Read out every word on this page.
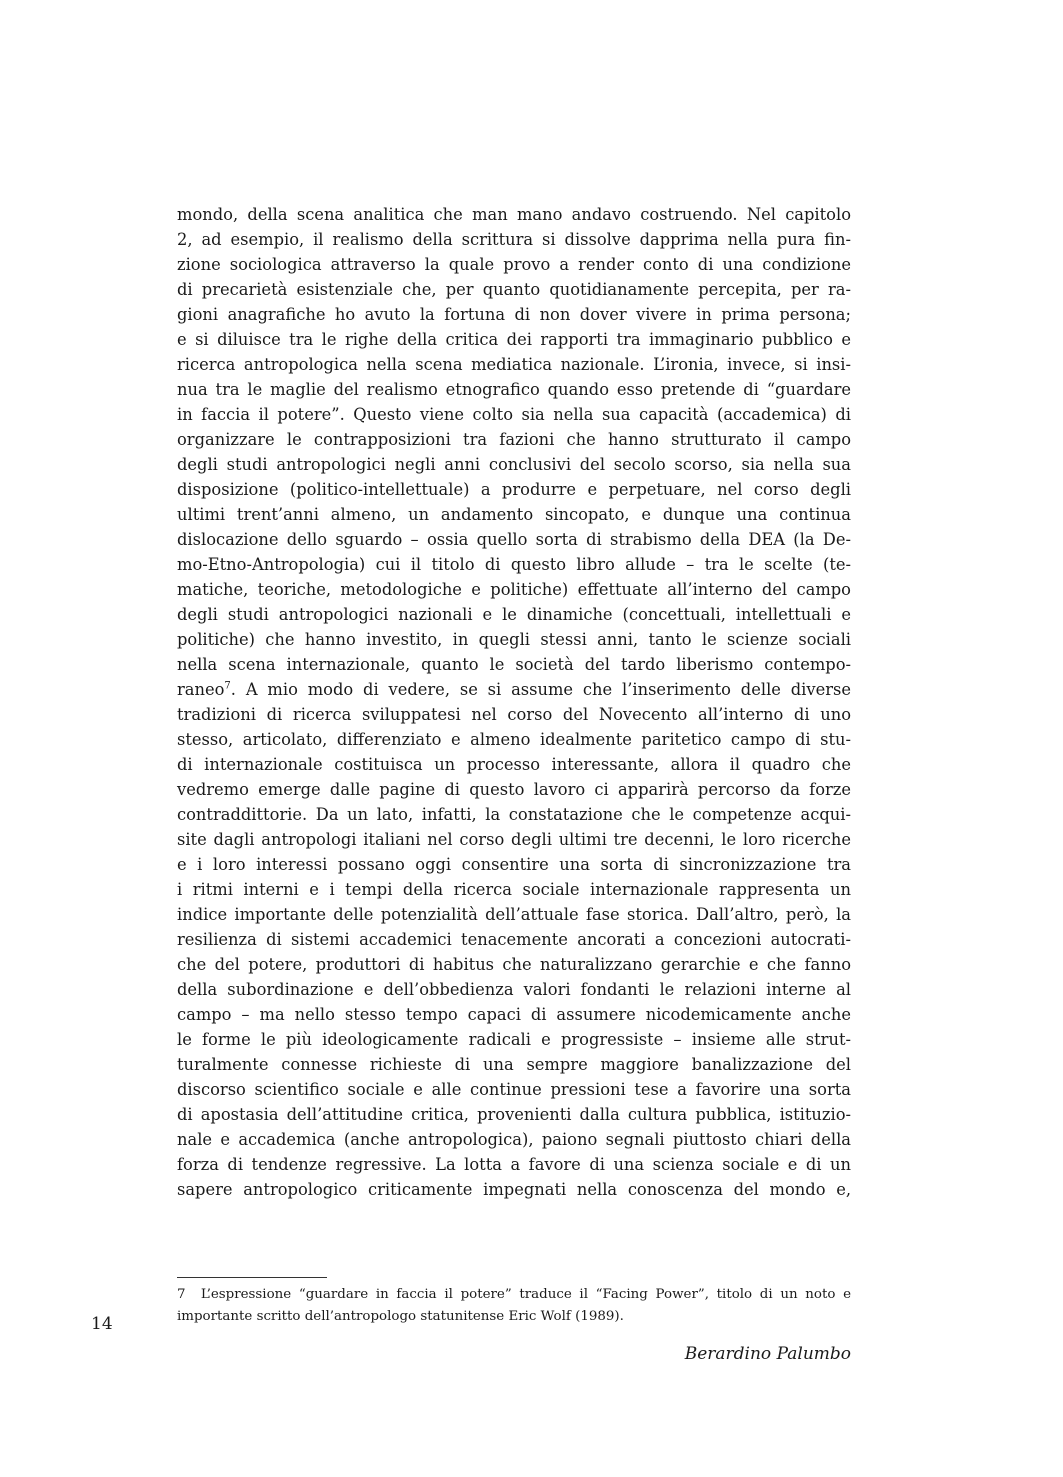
mondo, della scena analitica che man mano andavo costruendo. Nel capitolo
2, ad esempio, il realismo della scrittura si dissolve dapprima nella pura fin-
zione sociologica attraverso la quale provo a render conto di una condizione
di precarietà esistenziale che, per quanto quotidianamente percepita, per ra-
gioni anagrafiche ho avuto la fortuna di non dover vivere in prima persona;
e si diluisce tra le righe della critica dei rapporti tra immaginario pubblico e
ricerca antropologica nella scena mediatica nazionale. L’ironia, invece, si insi-
nua tra le maglie del realismo etnografico quando esso pretende di “guardare
in faccia il potere”. Questo viene colto sia nella sua capacità (accademica) di
organizzare le contrapposizioni tra fazioni che hanno strutturato il campo
degli studi antropologici negli anni conclusivi del secolo scorso, sia nella sua
disposizione (politico-intellettuale) a produrre e perpetuare, nel corso degli
ultimi trent’anni almeno, un andamento sincopato, e dunque una continua
dislocazione dello sguardo – ossia quello sorta di strabismo della DEA (la De-
mo-Etno-Antropologia) cui il titolo di questo libro allude – tra le scelte (te-
matiche, teoriche, metodologiche e politiche) effettuate all’interno del campo
degli studi antropologici nazionali e le dinamiche (concettuali, intellettuali e
politiche) che hanno investito, in quegli stessi anni, tanto le scienze sociali
nella scena internazionale, quanto le società del tardo liberismo contempo-
raneo$^7$. A mio modo di vedere, se si assume che l’inserimento delle diverse
tradizioni di ricerca sviluppatesi nel corso del Novecento all’interno di uno
stesso, articolato, differenziato e almeno idealmente paritetico campo di stu-
di internazionale costituisca un processo interessante, allora il quadro che
vedremo emerge dalle pagine di questo lavoro ci apparirà percorso da forze
contraddittorie. Da un lato, infatti, la constatazione che le competenze acqui-
site dagli antropologi italiani nel corso degli ultimi tre decenni, le loro ricerche
e i loro interessi possano oggi consentire una sorta di sincronizzazione tra
i ritmi interni e i tempi della ricerca sociale internazionale rappresenta un
indice importante delle potenzialità dell’attuale fase storica. Dall’altro, però, la
resilienza di sistemi accademici tenacemente ancorati a concezioni autocrati-
che del potere, produttori di habitus che naturalizzano gerarchie e che fanno
della subordinazione e dell’obbedienza valori fondanti le relazioni interne al
campo – ma nello stesso tempo capaci di assumere nicodemicamente anche
le forme le più ideologicamente radicali e progressiste – insieme alle strut-
turalmente connesse richieste di una sempre maggiore banalizzazione del
discorso scientifico sociale e alle continue pressioni tese a favorire una sorta
di apostasia dell’attitudine critica, provenienti dalla cultura pubblica, istituzio-
nale e accademica (anche antropologica), paiono segnali piuttosto chiari della
forza di tendenze regressive. La lotta a favore di una scienza sociale e di un
sapere antropologico criticamente impegnati nella conoscenza del mondo e,
7 L’espressione “guardare in faccia il potere” traduce il “Facing Power”, titolo di un noto e
importante scritto dell’antropologo statunitense Eric Wolf (1989).
14
Berardino Palumbo
